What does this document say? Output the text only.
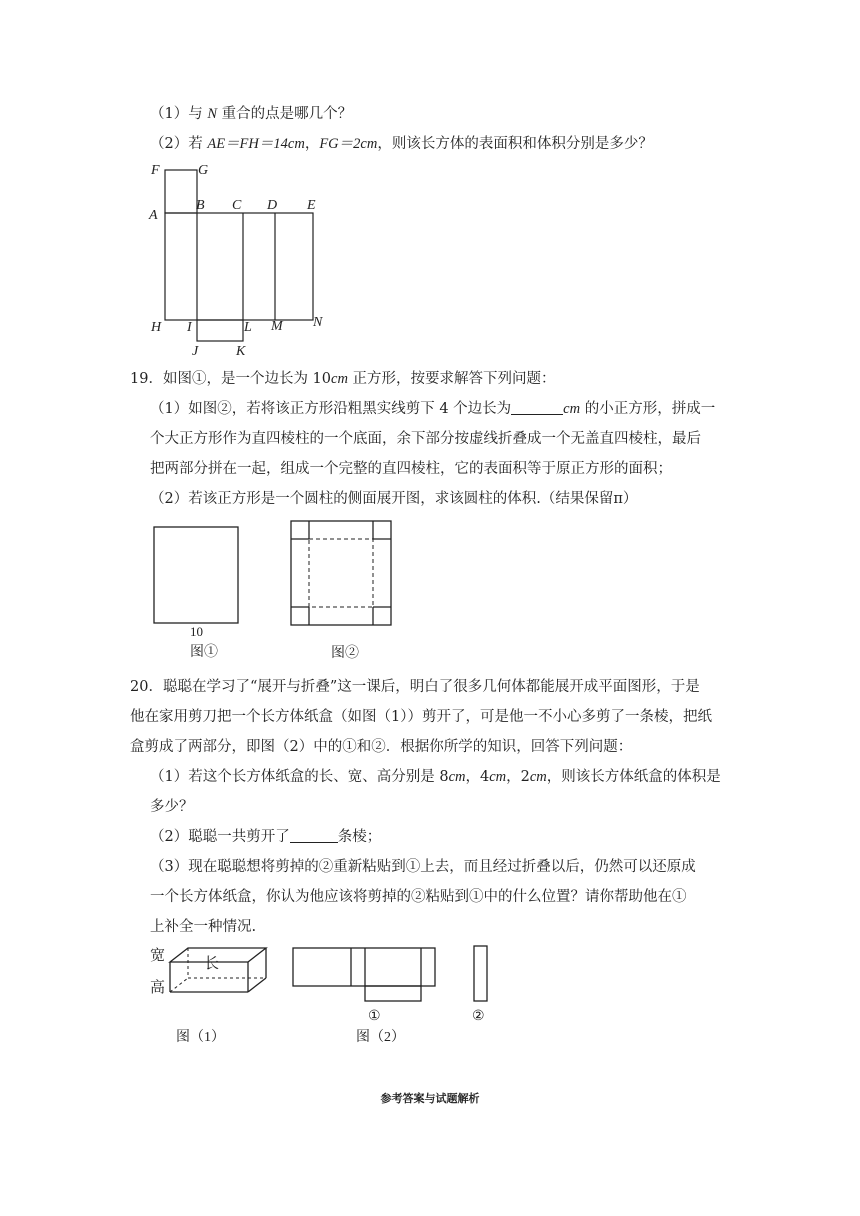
（1）与 N 重合的点是哪几个？
（2）若 AE＝FH＝14cm，FG＝2cm，则该长方体的表面积和体积分别是多少？
F	G
A
B C D E
H I	L M N
J	K
19．如图①，是一个边长为 10cm 正方形，按要求解答下列问题：
（1）如图②，若将该正方形沿粗黑实线剪下 4 个边长为	cm 的小正方形，拼成一
个大正方形作为直四棱柱的一个底面，余下部分按虚线折叠成一个无盖直四棱柱，最后
把两部分拼在一起，组成一个完整的直四棱柱，它的表面积等于原正方形的面积；
（2）若该正方形是一个圆柱的侧面展开图，求该圆柱的体积.（结果保留π）
10
图①	图②
20．聪聪在学习了“展开与折叠”这一课后，明白了很多几何体都能展开成平面图形，于是
他在家用剪刀把一个长方体纸盒（如图（1））剪开了，可是他一不小心多剪了一条棱，把纸
盒剪成了两部分，即图（2）中的①和②．根据你所学的知识，回答下列问题：
（1）若这个长方体纸盒的长、宽、高分别是 8cm，4cm，2cm，则该长方体纸盒的体积是
多少？
（2）聪聪一共剪开了	条棱；
（3）现在聪聪想将剪掉的②重新粘贴到①上去，而且经过折叠以后，仍然可以还原成
一个长方体纸盒，你认为他应该将剪掉的②粘贴到①中的什么位置？请你帮助他在①
上补全一种情况.
宽	长
高
图（1）
①	②
图（2）
参考答案与试题解析
